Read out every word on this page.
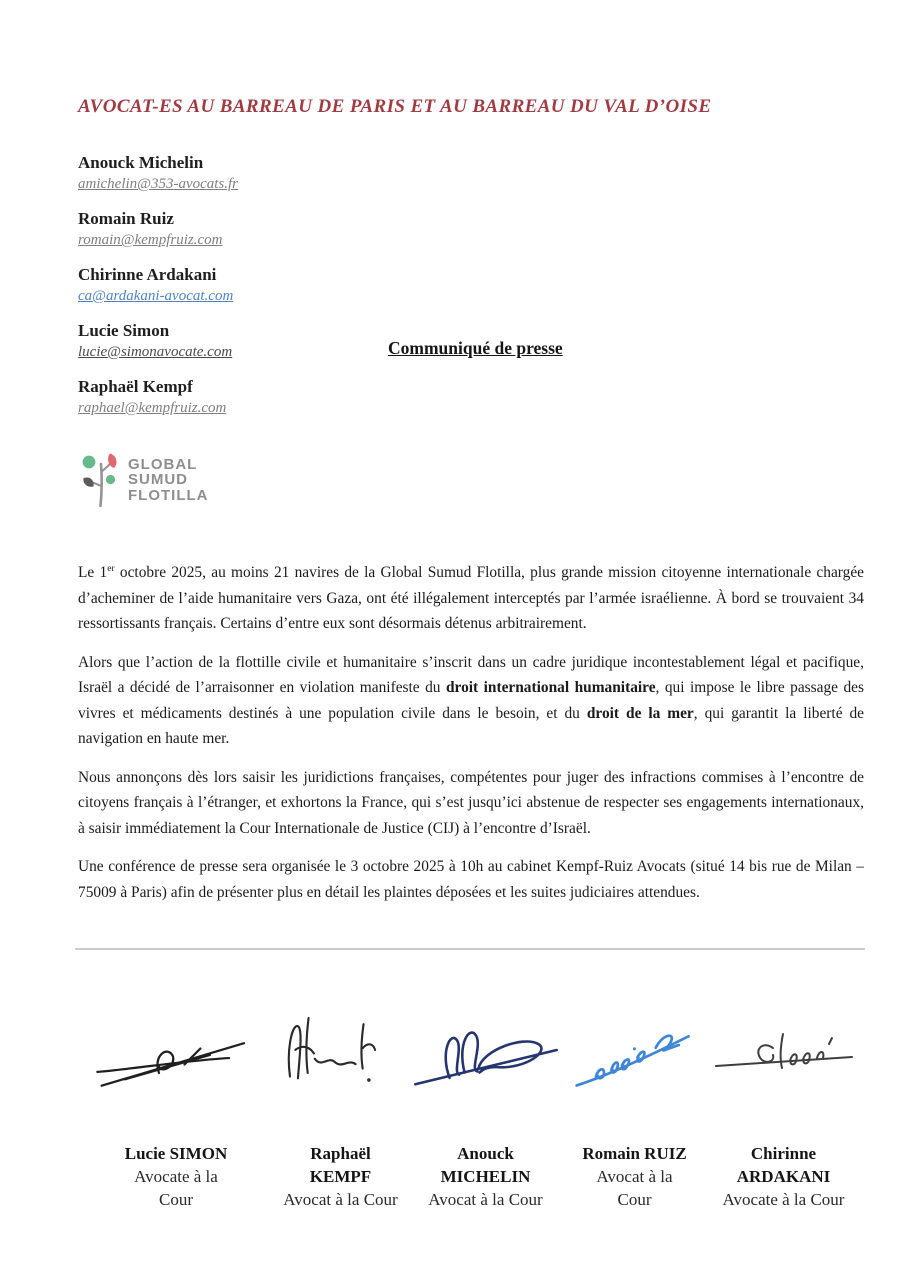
AVOCAT-ES AU BARREAU DE PARIS ET AU BARREAU DU VAL D’OISE
Anouck Michelin
amichelin@353-avocats.fr
Romain Ruiz
romain@kempfruiz.com
Chirinne Ardakani
ca@ardakani-avocat.com
Lucie Simon
lucie@simonavocate.com
Raphaël Kempf
raphael@kempfruiz.com
Communiqué de presse
GLOBAL
SUMUD
FLOTILLA

Le 1er octobre 2025, au moins 21 navires de la Global Sumud Flotilla, plus grande mission citoyenne internationale chargée d’acheminer de l’aide humanitaire vers Gaza, ont été illégalement interceptés par l’armée israélienne. À bord se trouvaient 34 ressortissants français. Certains d’entre eux sont désormais détenus arbitrairement.

Alors que l’action de la flottille civile et humanitaire s’inscrit dans un cadre juridique incontestablement légal et pacifique, Israël a décidé de l’arraisonner en violation manifeste du droit international humanitaire, qui impose le libre passage des vivres et médicaments destinés à une population civile dans le besoin, et du droit de la mer, qui garantit la liberté de navigation en haute mer.

Nous annonçons dès lors saisir les juridictions françaises, compétentes pour juger des infractions commises à l’encontre de citoyens français à l’étranger, et exhortons la France, qui s’est jusqu’ici abstenue de respecter ses engagements internationaux, à saisir immédiatement la Cour Internationale de Justice (CIJ) à l’encontre d’Israël.

Une conférence de presse sera organisée le 3 octobre 2025 à 10h au cabinet Kempf-Ruiz Avocats (situé 14 bis rue de Milan – 75009 à Paris) afin de présenter plus en détail les plaintes déposées et les suites judiciaires attendues.

Lucie SIMON
Avocate à la
Cour
Raphaël
KEMPF
Avocat à la Cour
Anouck
MICHELIN
Avocat à la Cour
Romain RUIZ
Avocat à la
Cour
Chirinne
ARDAKANI
Avocate à la Cour
